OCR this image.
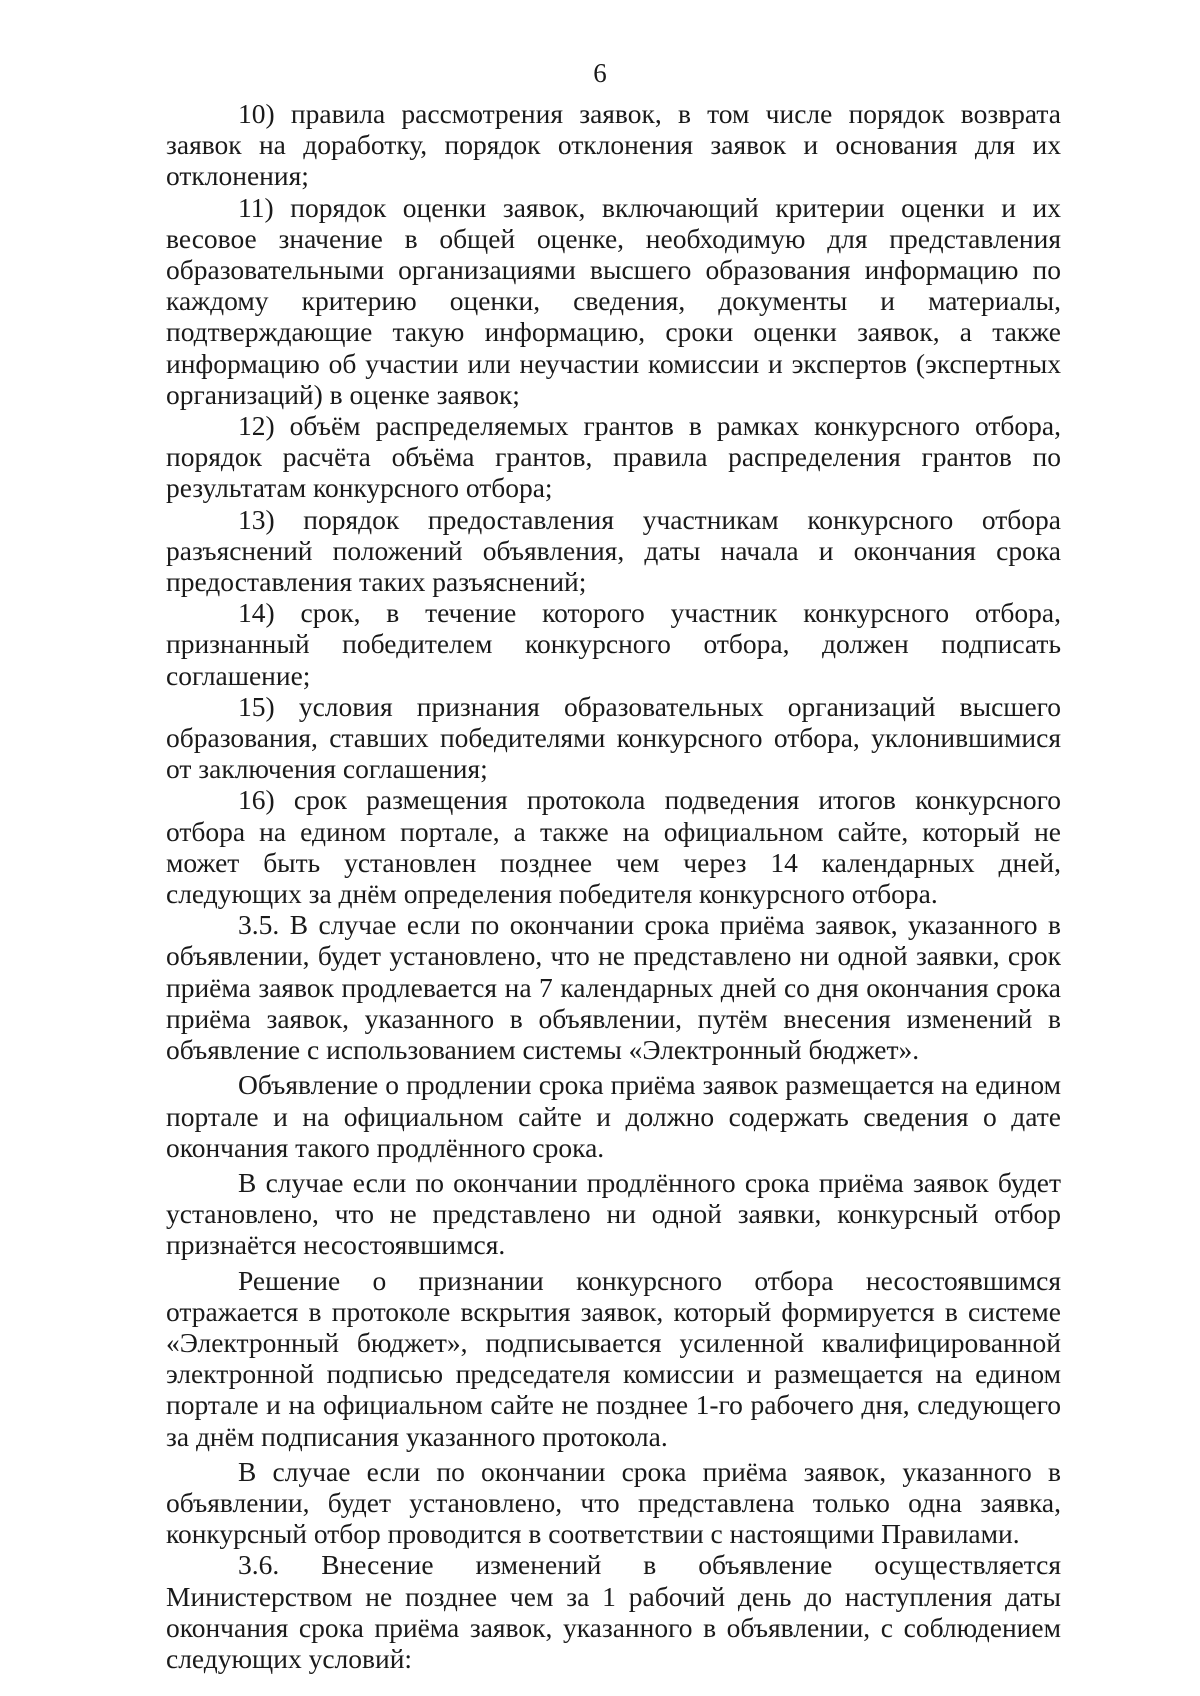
6

10) правила рассмотрения заявок, в том числе порядок возврата заявок на доработку, порядок отклонения заявок и основания для их отклонения;

11) порядок оценки заявок, включающий критерии оценки и их весовое значение в общей оценке, необходимую для представления образовательными организациями высшего образования информацию по каждому критерию оценки, сведения, документы и материалы, подтверждающие такую информацию, сроки оценки заявок, а также информацию об участии или неучастии комиссии и экспертов (экспертных организаций) в оценке заявок;

12) объём распределяемых грантов в рамках конкурсного отбора, порядок расчёта объёма грантов, правила распределения грантов по результатам конкурсного отбора;

13) порядок предоставления участникам конкурсного отбора разъяснений положений объявления, даты начала и окончания срока предоставления таких разъяснений;

14) срок, в течение которого участник конкурсного отбора, признанный победителем конкурсного отбора, должен подписать соглашение;

15) условия признания образовательных организаций высшего образования, ставших победителями конкурсного отбора, уклонившимися от заключения соглашения;

16) срок размещения протокола подведения итогов конкурсного отбора на едином портале, а также на официальном сайте, который не может быть установлен позднее чем через 14 календарных дней, следующих за днём определения победителя конкурсного отбора.

3.5. В случае если по окончании срока приёма заявок, указанного в объявлении, будет установлено, что не представлено ни одной заявки, срок приёма заявок продлевается на 7 календарных дней со дня окончания срока приёма заявок, указанного в объявлении, путём внесения изменений в объявление с использованием системы «Электронный бюджет».

Объявление о продлении срока приёма заявок размещается на едином портале и на официальном сайте и должно содержать сведения о дате окончания такого продлённого срока.

В случае если по окончании продлённого срока приёма заявок будет установлено, что не представлено ни одной заявки, конкурсный отбор признаётся несостоявшимся.

Решение о признании конкурсного отбора несостоявшимся отражается в протоколе вскрытия заявок, который формируется в системе «Электронный бюджет», подписывается усиленной квалифицированной электронной подписью председателя комиссии и размещается на едином портале и на официальном сайте не позднее 1-го рабочего дня, следующего за днём подписания указанного протокола.

В случае если по окончании срока приёма заявок, указанного в объявлении, будет установлено, что представлена только одна заявка, конкурсный отбор проводится в соответствии с настоящими Правилами.

3.6. Внесение изменений в объявление осуществляется Министерством не позднее чем за 1 рабочий день до наступления даты окончания срока приёма заявок, указанного в объявлении, с соблюдением следующих условий:
